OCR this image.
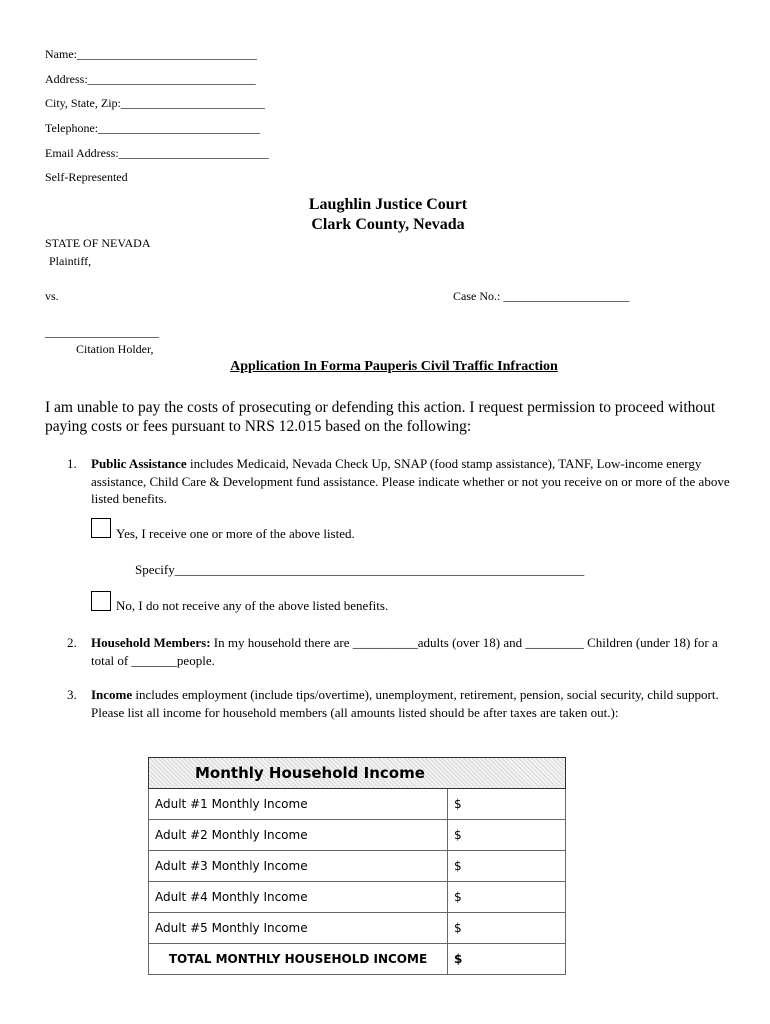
Name:______________________________
Address:____________________________
City, State, Zip:________________________
Telephone:___________________________
Email Address:_________________________
Self-Represented
Laughlin Justice Court
Clark County, Nevada
STATE OF NEVADA
Plaintiff,
vs.	Case No.: _____________________
___________________
Citation Holder,
Application In Forma Pauperis Civil Traffic Infraction
I am unable to pay the costs of prosecuting or defending this action. I request permission to proceed without paying costs or fees pursuant to NRS 12.015 based on the following:
1. Public Assistance includes Medicaid, Nevada Check Up, SNAP (food stamp assistance), TANF, Low-income energy assistance, Child Care & Development fund assistance. Please indicate whether or not you receive on or more of the above listed benefits.
Yes, I receive one or more of the above listed.
Specify_______________________________________________________________
No, I do not receive any of the above listed benefits.
2. Household Members: In my household there are __________adults (over 18) and _________ Children (under 18) for a total of _______people.
3. Income includes employment (include tips/overtime), unemployment, retirement, pension, social security, child support. Please list all income for household members (all amounts listed should be after taxes are taken out.):
Monthly Household Income	
Adult #1 Monthly Income	$
Adult #2 Monthly Income	$
Adult #3 Monthly Income	$
Adult #4 Monthly Income	$
Adult #5 Monthly Income	$
TOTAL MONTHLY HOUSEHOLD INCOME	$
